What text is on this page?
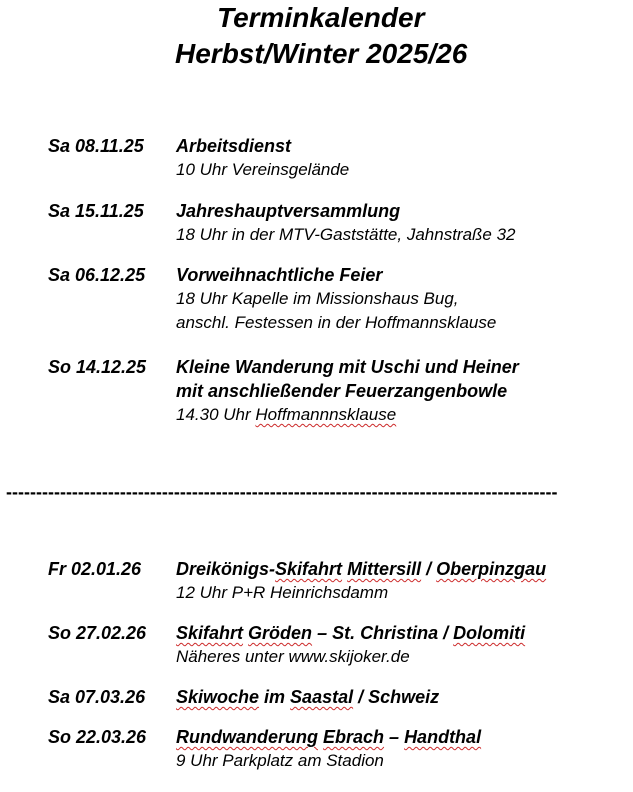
Terminkalender
Herbst/Winter 2025/26
Sa 08.11.25 Arbeitsdienst
10 Uhr Vereinsgelände
Sa 15.11.25 Jahreshauptversammlung
18 Uhr in der MTV-Gaststätte, Jahnstraße 32
Sa 06.12.25 Vorweihnachtliche Feier
18 Uhr Kapelle im Missionshaus Bug,
anschl. Festessen in der Hoffmannsklause
So 14.12.25 Kleine Wanderung mit Uschi und Heiner
mit anschließender Feuerzangenbowle
14.30 Uhr Hoffmannnsklause
--------------------------------------------------------------------------------------------
Fr 02.01.26 Dreikönigs-Skifahrt Mittersill / Oberpinzgau
12 Uhr P+R Heinrichsdamm
So 27.02.26 Skifahrt Gröden – St. Christina / Dolomiti
Näheres unter www.skijoker.de
Sa 07.03.26 Skiwoche im Saastal / Schweiz
So 22.03.26 Rundwanderung Ebrach – Handthal
9 Uhr Parkplatz am Stadion
